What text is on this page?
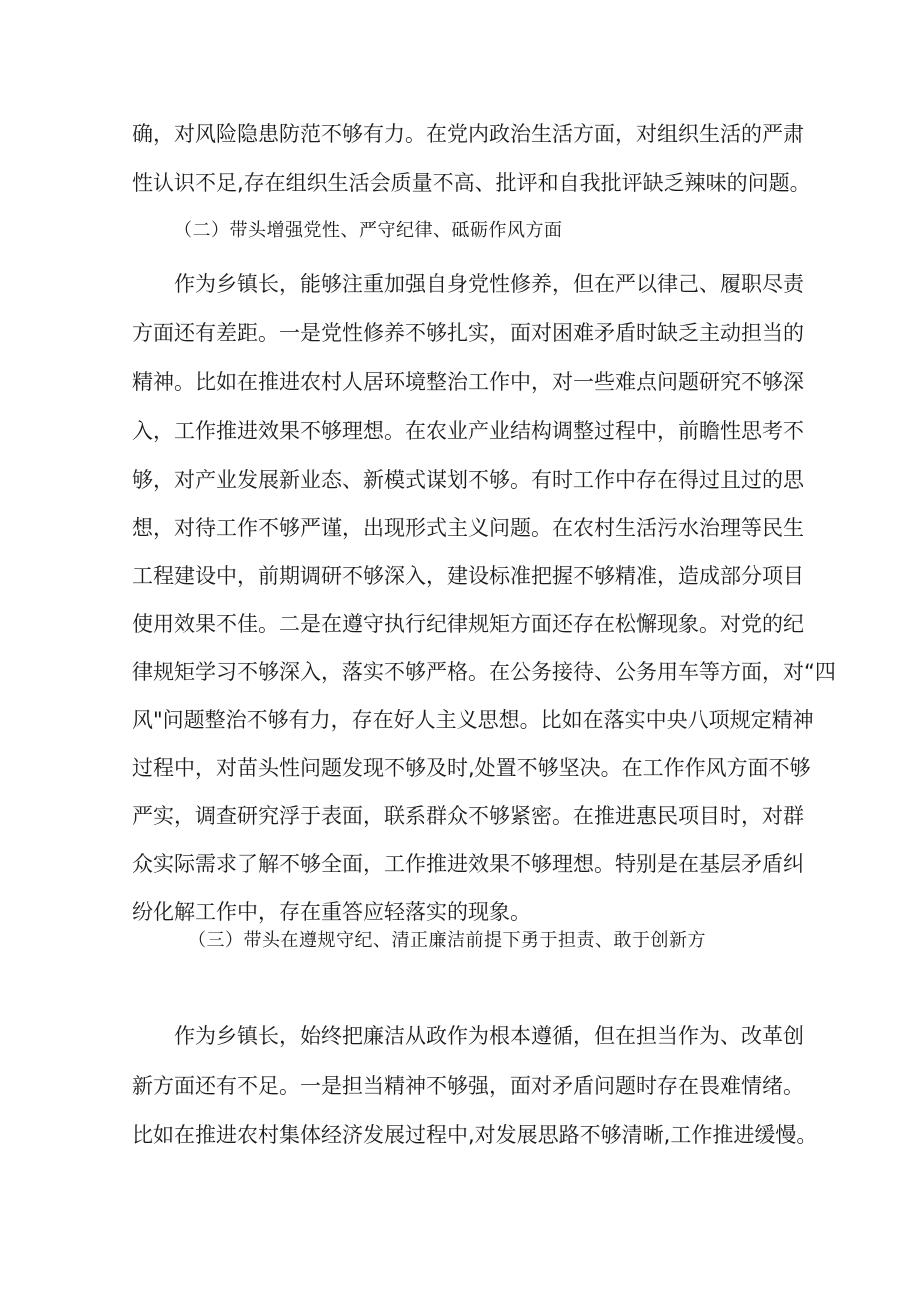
确，对风险隐患防范不够有力。在党内政治生活方面，对组织生活的严肃
性认识不足,存在组织生活会质量不高、批评和自我批评缺乏辣味的问题。
（二）带头增强党性、严守纪律、砥砺作风方面
作为乡镇长，能够注重加强自身党性修养，但在严以律己、履职尽责
方面还有差距。一是党性修养不够扎实，面对困难矛盾时缺乏主动担当的
精神。比如在推进农村人居环境整治工作中，对一些难点问题研究不够深
入，工作推进效果不够理想。在农业产业结构调整过程中，前瞻性思考不
够，对产业发展新业态、新模式谋划不够。有时工作中存在得过且过的思
想，对待工作不够严谨，出现形式主义问题。在农村生活污水治理等民生
工程建设中，前期调研不够深入，建设标准把握不够精准，造成部分项目
使用效果不佳。二是在遵守执行纪律规矩方面还存在松懈现象。对党的纪
律规矩学习不够深入，落实不够严格。在公务接待、公务用车等方面，对“四
风"问题整治不够有力，存在好人主义思想。比如在落实中央八项规定精神
过程中，对苗头性问题发现不够及时,处置不够坚决。在工作作风方面不够
严实，调查研究浮于表面，联系群众不够紧密。在推进惠民项目时，对群
众实际需求了解不够全面，工作推进效果不够理想。特别是在基层矛盾纠
纷化解工作中，存在重答应轻落实的现象。
（三）带头在遵规守纪、清正廉洁前提下勇于担责、敢于创新方
作为乡镇长，始终把廉洁从政作为根本遵循，但在担当作为、改革创
新方面还有不足。一是担当精神不够强，面对矛盾问题时存在畏难情绪。
比如在推进农村集体经济发展过程中,对发展思路不够清晰,工作推进缓慢。
